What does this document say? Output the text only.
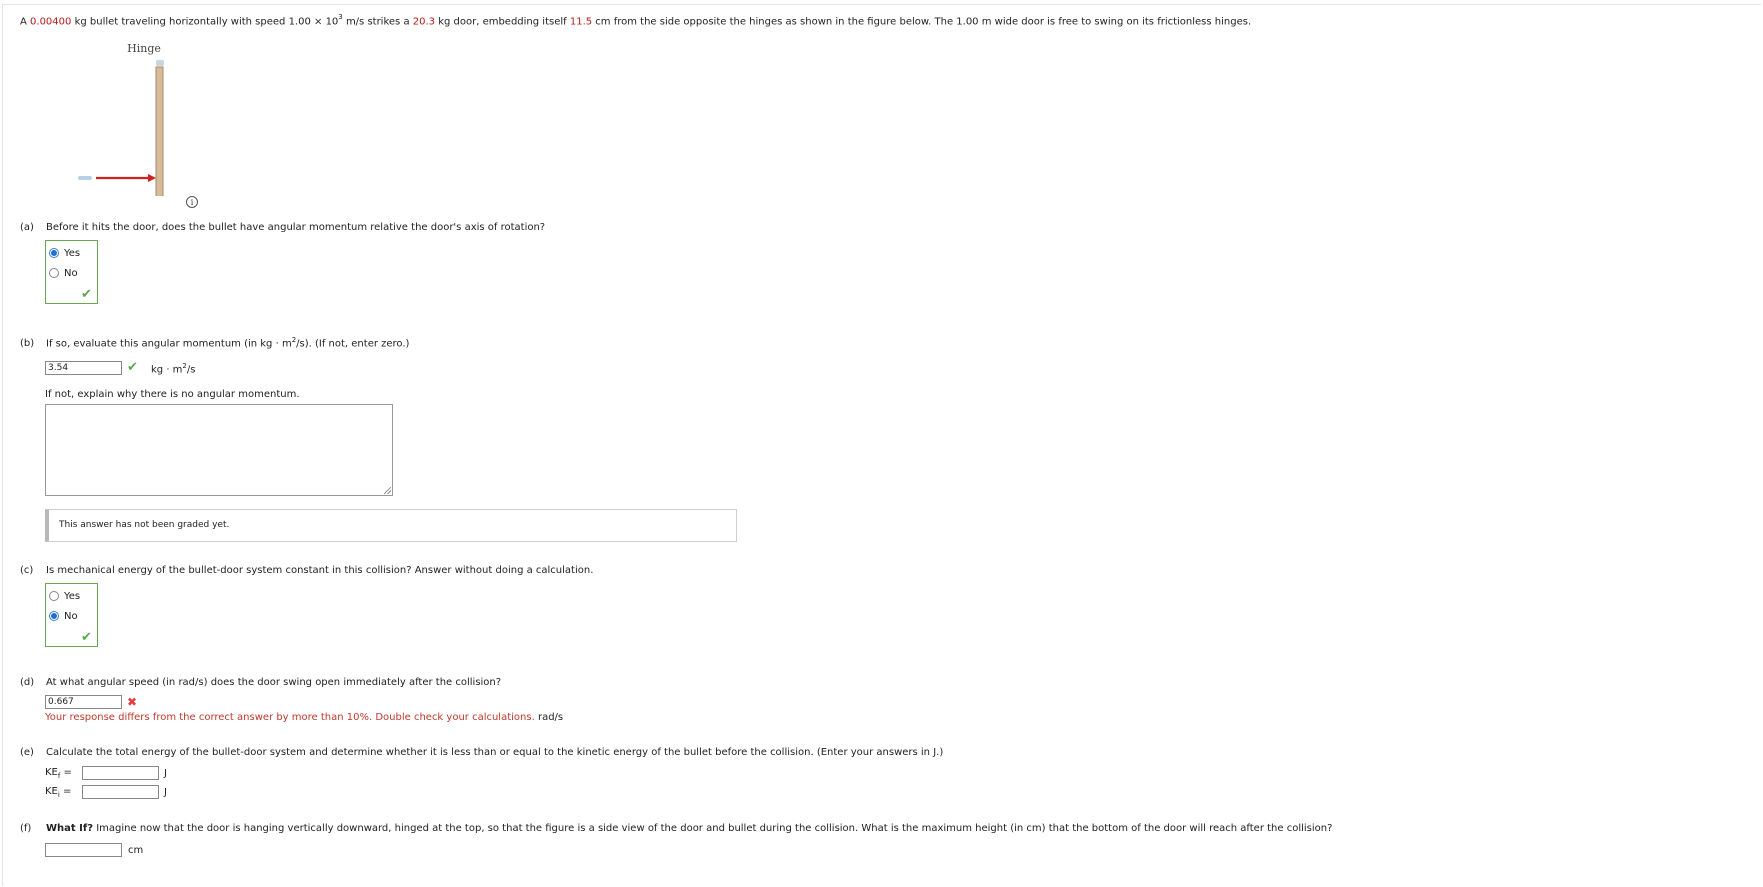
A 0.00400 kg bullet traveling horizontally with speed $1.00 \times 10^3$ m/s strikes a 20.3 kg door, embedding itself 11.5 cm from the side opposite the hinges as shown in the figure below. The 1.00 m wide door is free to swing on its frictionless hinges.
Hinge
i
(a) Before it hits the door, does the bullet have angular momentum relative the door's axis of rotation?
Yes
No
✔
(b) If so, evaluate this angular momentum (in kg · $m^2/s$). (If not, enter zero.)
3.54	✔ kg · $m^2/s$
If not, explain why there is no angular momentum.
This answer has not been graded yet.
(c) Is mechanical energy of the bullet-door system constant in this collision? Answer without doing a calculation.
Yes
No
✔
(d) At what angular speed (in rad/s) does the door swing open immediately after the collision?
0.667	✖
Your response differs from the correct answer by more than 10%. Double check your calculations. rad/s
(e) Calculate the total energy of the bullet-door system and determine whether it is less than or equal to the kinetic energy of the bullet before the collision. (Enter your answers in J.)
$KE_f$ =	J
$KE_i$ =	J
(f) What If? Imagine now that the door is hanging vertically downward, hinged at the top, so that the figure is a side view of the door and bullet during the collision. What is the maximum height (in cm) that the bottom of the door will reach after the collision?
cm
